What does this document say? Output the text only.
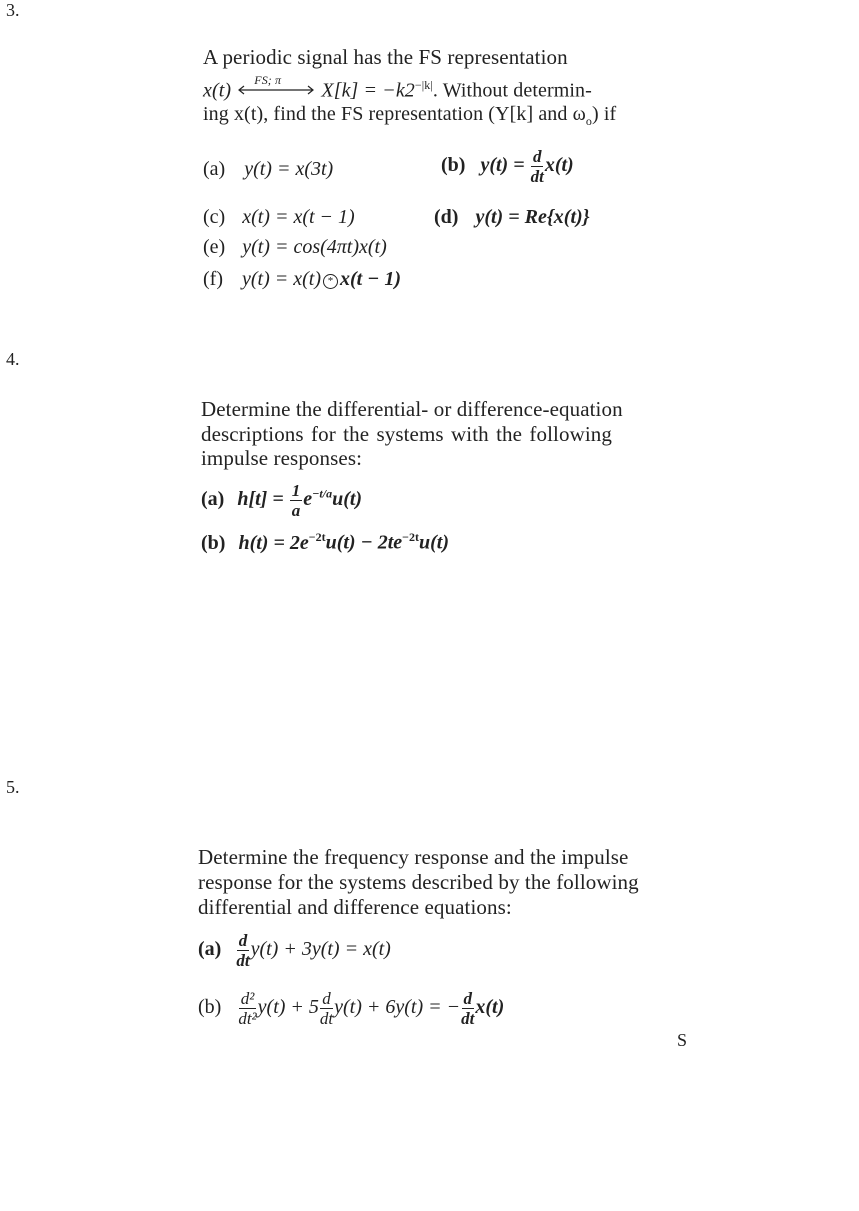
3.
A periodic signal has the FS representation
x(t) FS; π $X[k] = -k2^{-|k|}$. Without determin-
ing x(t), find the FS representation (Y[k] and $\omega_o$) if
(a) y(t) = x(3t)	(b) $y(t) = \frac{d}{dt} x(t)$
(c) x(t) = x(t − 1)	(d) y(t) = Re{x(t)}
(e) y(t) = cos(4πt)x(t)
(f) y(t) = x(t) * x(t − 1)
4.
Determine the differential- or difference-equation
descriptions for the systems with the following
impulse responses:
(a) $h[t] = \frac{1}{a} e^{-t/a}u(t)$
(b) $h(t) = 2e^{-2t}u(t) - 2te^{-2t}u(t)$
5.
Determine the frequency response and the impulse
response for the systems described by the following
differential and difference equations:
$(a) \frac{d}{dt} y(t) + 3y(t) = x(t)$
$(b) \frac{\text{d²}}{\text{dt²}} y(t) + 5 \frac{d}{dt} y(t) + 6y(t)$ = − $\frac{d}{dt} x(t)$
S
